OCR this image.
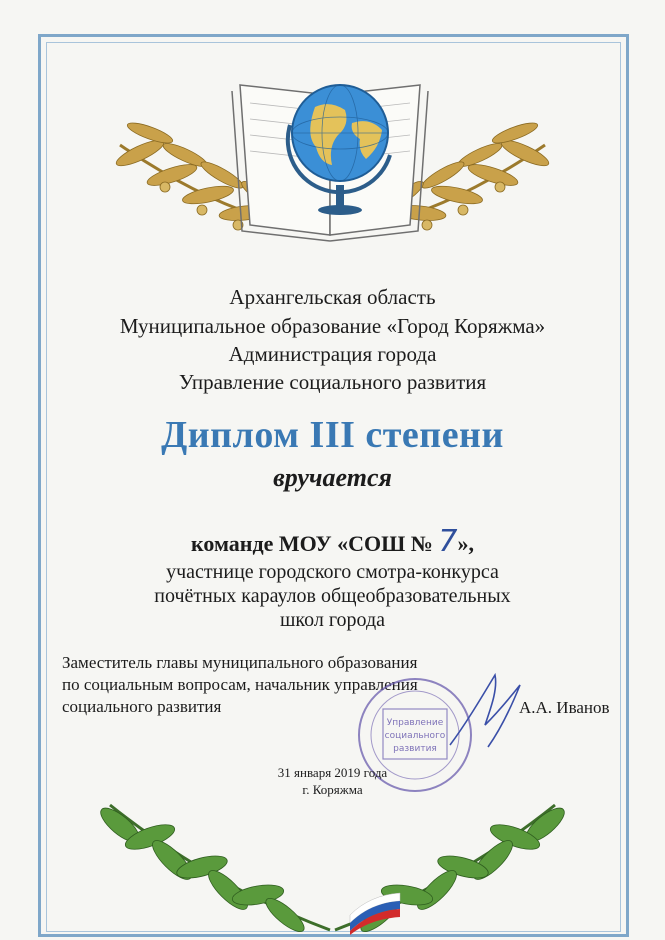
Архангельская область
Муниципальное образование «Город Коряжма»
Администрация города
Управление социального развития
Диплом III степени
вручается
команде МОУ «СОШ № 7»,
участнице городского смотра-конкурса
почётных караулов общеобразовательных
школ города
Заместитель главы муниципального образования
по социальным вопросам, начальник управления
социального развития	А.А. Иванов
Управление
социального
развития
31 января 2019 года
г. Коряжма
